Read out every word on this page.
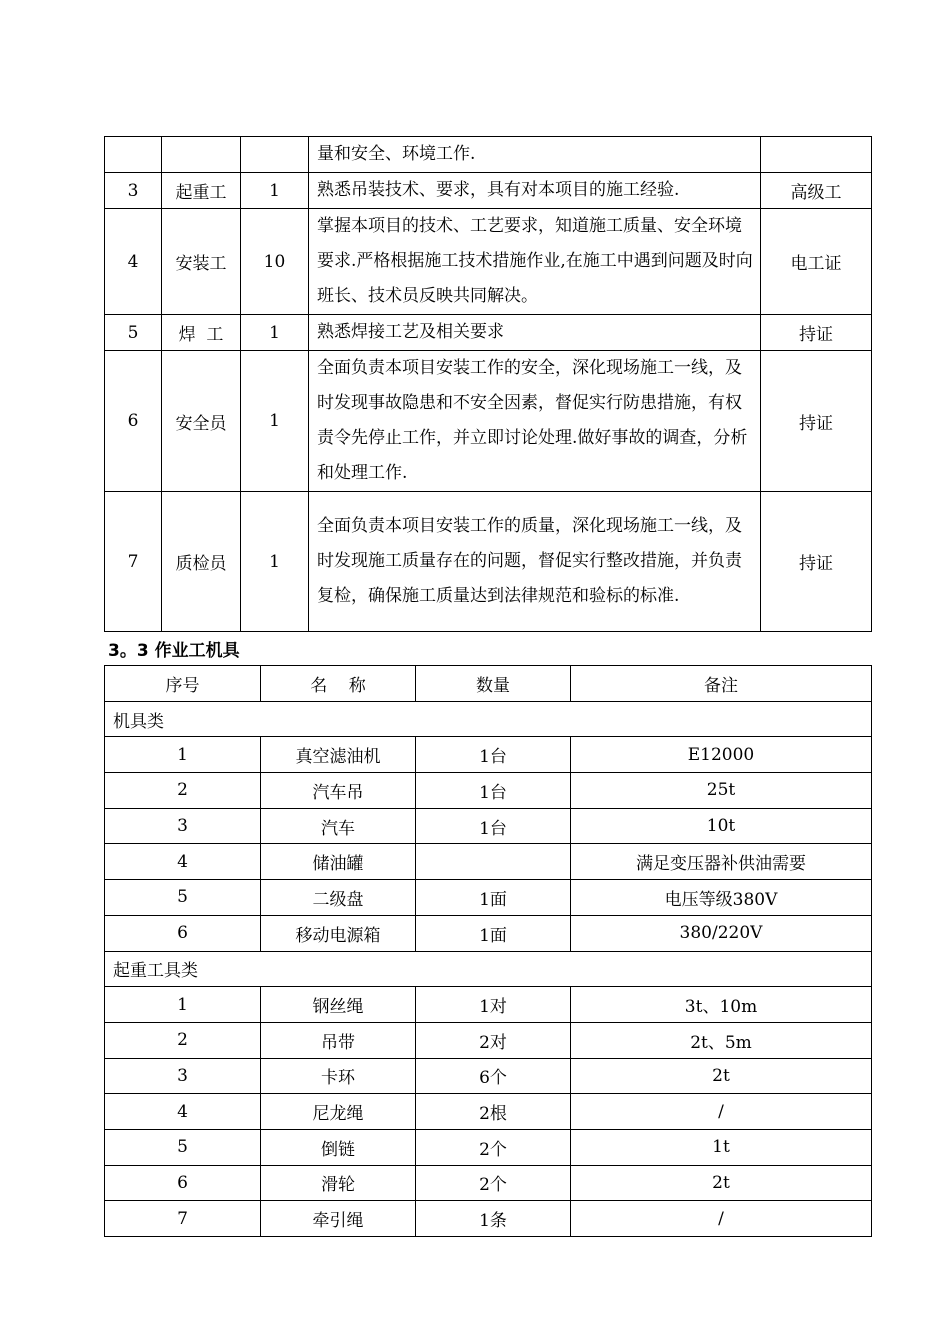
			量和安全、环境工作.	
3	起重工	1	熟悉吊装技术、要求，具有对本项目的施工经验.	高级工
4	安装工	10	掌握本项目的技术、工艺要求，知道施工质量、安全环境要求.严格根据施工技术措施作业,在施工中遇到问题及时向班长、技术员反映共同解决。	电工证
5	焊  工	1	熟悉焊接工艺及相关要求	持证
6	安全员	1	全面负责本项目安装工作的安全，深化现场施工一线，及时发现事故隐患和不安全因素，督促实行防患措施，有权责令先停止工作，并立即讨论处理.做好事故的调查，分析和处理工作.	持证
7	质检员	1	全面负责本项目安装工作的质量，深化现场施工一线，及时发现施工质量存在的问题，督促实行整改措施，并负责复检，确保施工质量达到法律规范和验标的标准.	持证
3。3 作业工机具
序号	名    称	数量	备注
机具类			
1	真空滤油机	1台	E12000
2	汽车吊	1台	25t
3	汽车	1台	10t
4	储油罐		满足变压器补供油需要
5	二级盘	1面	电压等级380V
6	移动电源箱	1面	380/220V
起重工具类			
1	钢丝绳	1对	3t、10m
2	吊带	2对	2t、5m
3	卡环	6个	2t
4	尼龙绳	2根	/
5	倒链	2个	1t
6	滑轮	2个	2t
7	牵引绳	1条	/
